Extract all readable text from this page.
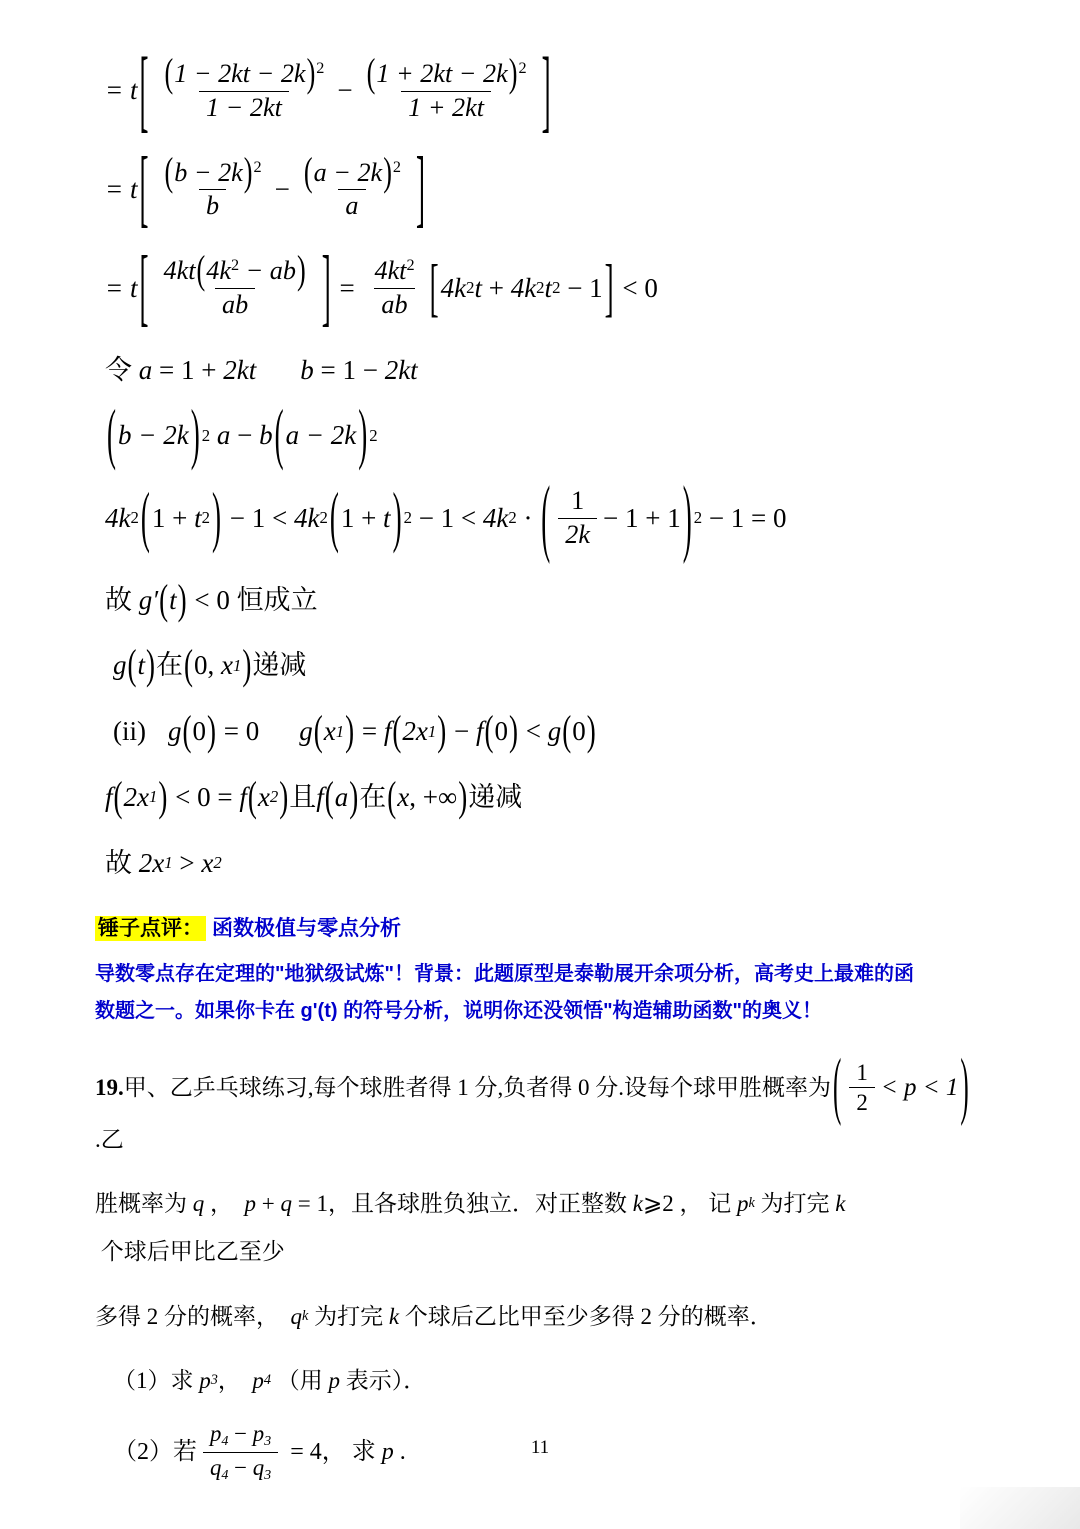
= t [ $\frac{(1 - 2kt - 2k)^2}{1 - 2kt} - \frac{(1 + 2kt - 2k)^2}{1 + 2kt}$ ]
= t [ $\frac{(b - 2k)^2}{b} - \frac{(a - 2k)^2}{a}$ ]
= t [ $\frac{4kt(4k^2 - ab)}{ab}$ ] = $\frac{4kt^2}{ab}$ [ 4k 2 t + 4k 2 t 2 − 1 ] < 0
令 a = 1 + 2kt b = 1 − 2kt
( b − 2k ) 2 a − b ( a − 2k ) 2
4k 2 ( 1 + t 2 ) − 1 < 4k 2 ( 1 + t ) 2 − 1 < 4k 2 · ( $\frac{1}{2k} - 1 + 1$ ) 2 − 1 = 0
故 g′ ( t ) < 0 恒成立
g ( t ) 在 ( 0, x 1 ) 递减
(ii) g ( 0 ) = 0 g ( x 1 ) = f ( 2x 1 ) − f ( 0 ) < g ( 0 )
f ( 2x 1 ) < 0 = f ( x 2 ) 且 f ( a ) 在 ( x , +∞ ) 递减
故 2x 1 > x 2
锤子点评： 函数极值与零点分析
导数零点存在定理的"地狱级试炼"！背景：此题原型是泰勒展开余项分析，高考史上最难的函
数题之一。如果你卡在 g'(t) 的符号分析，说明你还没领悟"构造辅助函数"的奥义！

19. 甲、乙乒乓球练习,每个球胜者得 1 分,负者得 0 分.设每个球甲胜概率为 ( $\frac{1}{2} < p < 1$ )
.乙

胜概率为 q ， p + q = 1，且各球胜负独立．对正整数 k ⩾2 ， 记 p k 为打完 k
个球后甲比乙至少

多得 2 分的概率， q k 为打完 k 个球后乙比甲至少多得 2 分的概率．

（1）求 p 3 ， p 4 （用 p 表示）．

（2）若 $\frac{p_4 - p_3}{q_4 - q_3} = 4$， 求 p .	11
